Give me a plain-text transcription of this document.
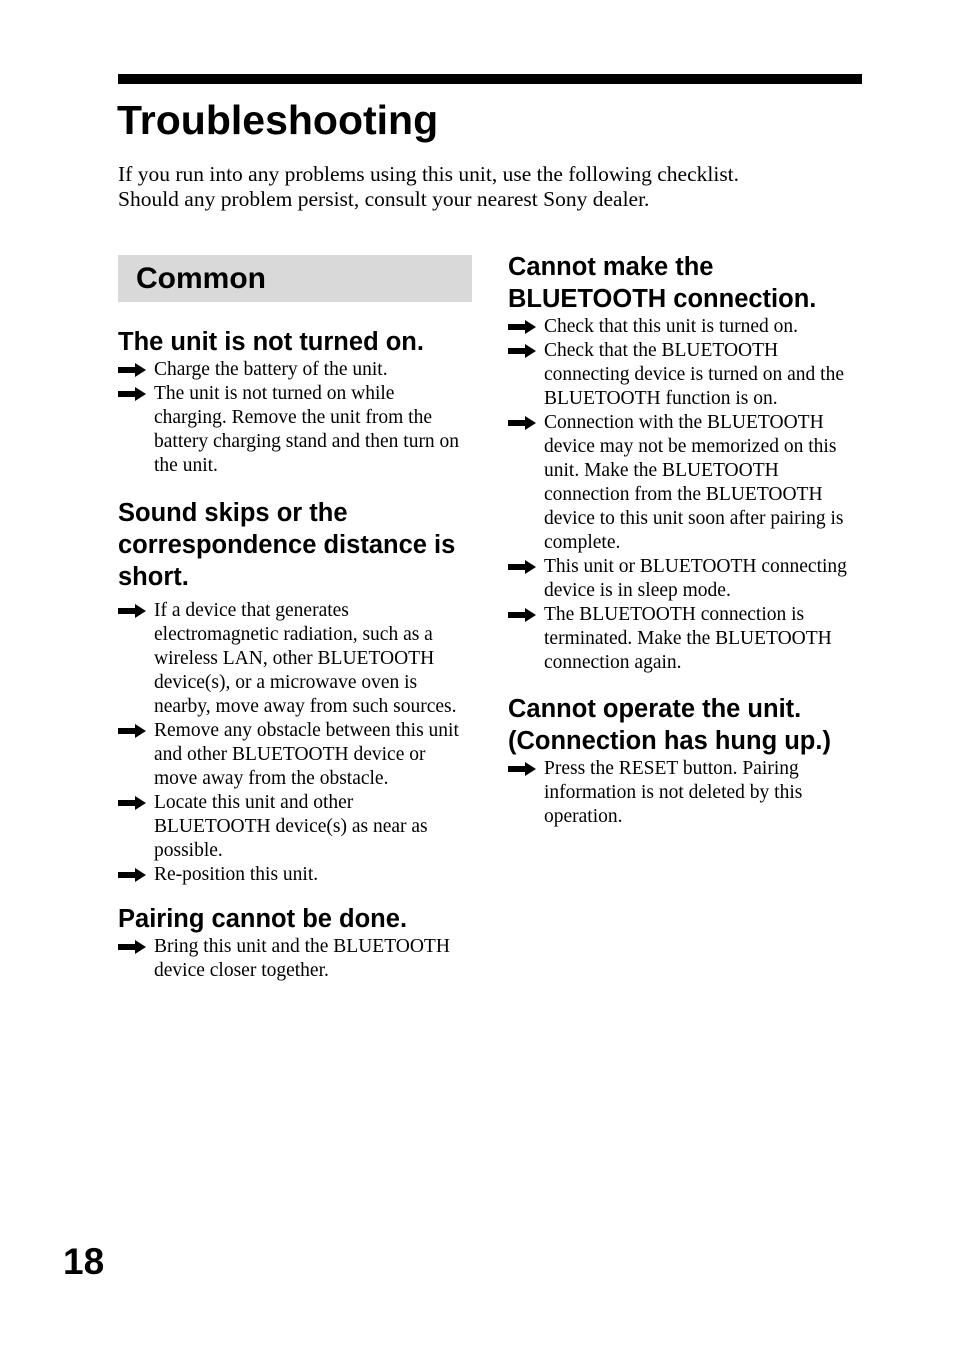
Troubleshooting
If you run into any problems using this unit, use the following checklist.
Should any problem persist, consult your nearest Sony dealer.
Common
The unit is not turned on.
Charge the battery of the unit.
The unit is not turned on while charging. Remove the unit from the battery charging stand and then turn on the unit.
Sound skips or the correspondence distance is short.
If a device that generates electromagnetic radiation, such as a wireless LAN, other BLUETOOTH device(s), or a microwave oven is nearby, move away from such sources.
Remove any obstacle between this unit and other BLUETOOTH device or move away from the obstacle.
Locate this unit and other BLUETOOTH device(s) as near as possible.
Re-position this unit.
Pairing cannot be done.
Bring this unit and the BLUETOOTH device closer together.
Cannot make the BLUETOOTH connection.
Check that this unit is turned on.
Check that the BLUETOOTH connecting device is turned on and the BLUETOOTH function is on.
Connection with the BLUETOOTH device may not be memorized on this unit. Make the BLUETOOTH connection from the BLUETOOTH device to this unit soon after pairing is complete.
This unit or BLUETOOTH connecting device is in sleep mode.
The BLUETOOTH connection is terminated. Make the BLUETOOTH connection again.
Cannot operate the unit. (Connection has hung up.)
Press the RESET button. Pairing information is not deleted by this operation.
18
